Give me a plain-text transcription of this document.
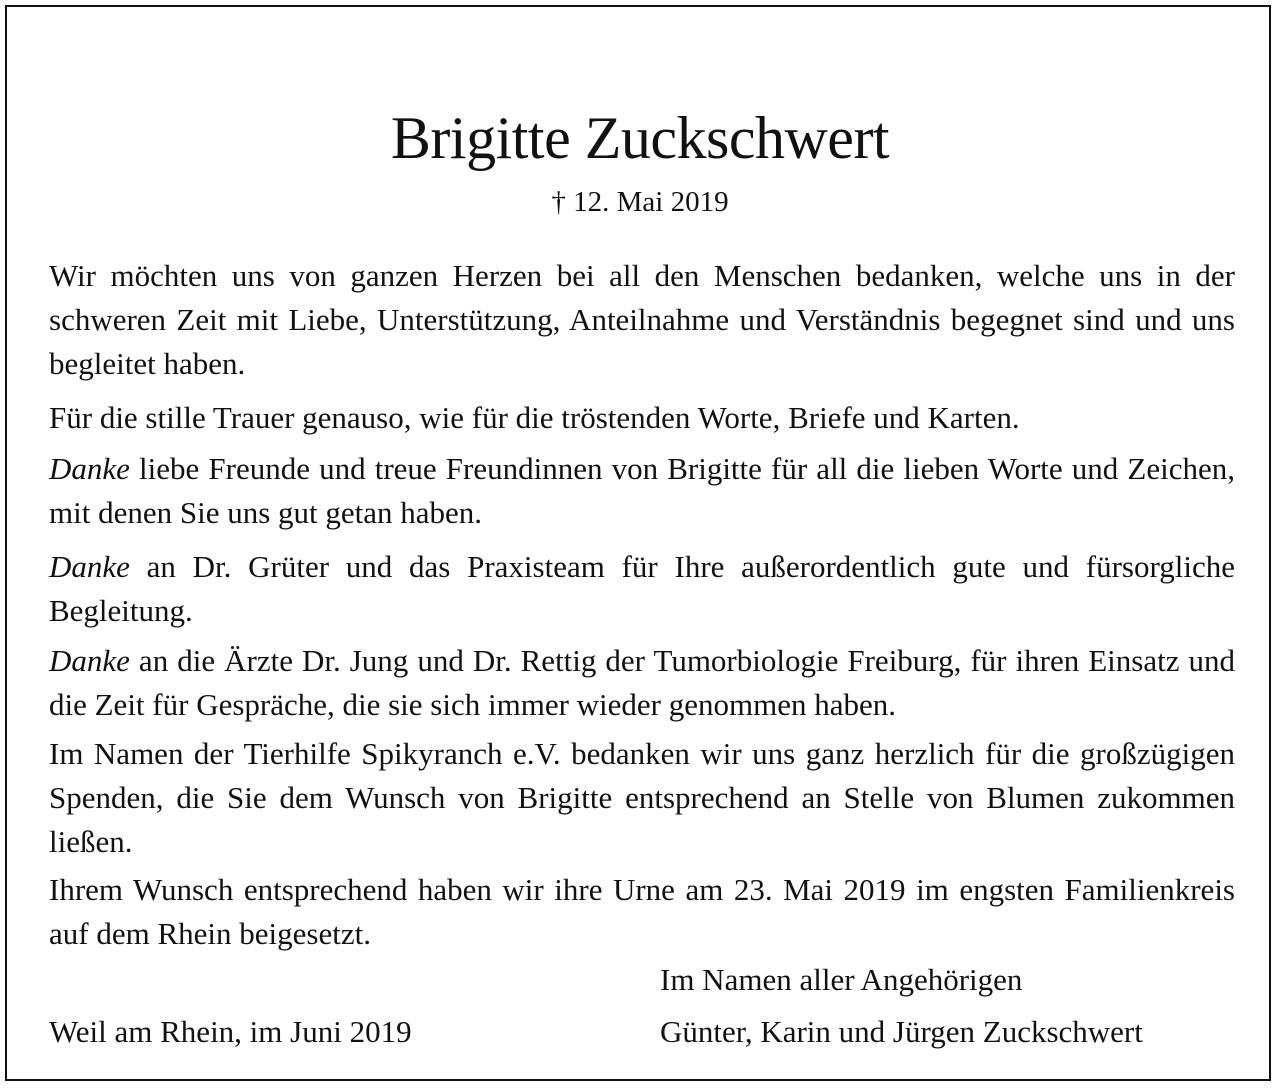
Brigitte Zuckschwert
† 12. Mai 2019

Wir möchten uns von ganzen Herzen bei all den Menschen bedanken, welche uns in der schweren Zeit mit Liebe, Unterstützung, Anteilnahme und Verständnis begegnet sind und uns begleitet haben.

Für die stille Trauer genauso, wie für die tröstenden Worte, Briefe und Karten.

Danke liebe Freunde und treue Freundinnen von Brigitte für all die lieben Worte und Zeichen, mit denen Sie uns gut getan haben.

Danke an Dr. Grüter und das Praxisteam für Ihre außerordentlich gute und fürsorgliche Begleitung.

Danke an die Ärzte Dr. Jung und Dr. Rettig der Tumorbiologie Freiburg, für ihren Einsatz und die Zeit für Gespräche, die sie sich immer wieder genommen haben.

Im Namen der Tierhilfe Spikyranch e.V. bedanken wir uns ganz herzlich für die großzügigen Spenden, die Sie dem Wunsch von Brigitte entsprechend an Stelle von Blumen zukommen ließen.

Ihrem Wunsch entsprechend haben wir ihre Urne am 23. Mai 2019 im engsten Familienkreis auf dem Rhein beigesetzt.

Im Namen aller Angehörigen
Weil am Rhein, im Juni 2019	Günter, Karin und Jürgen Zuckschwert
